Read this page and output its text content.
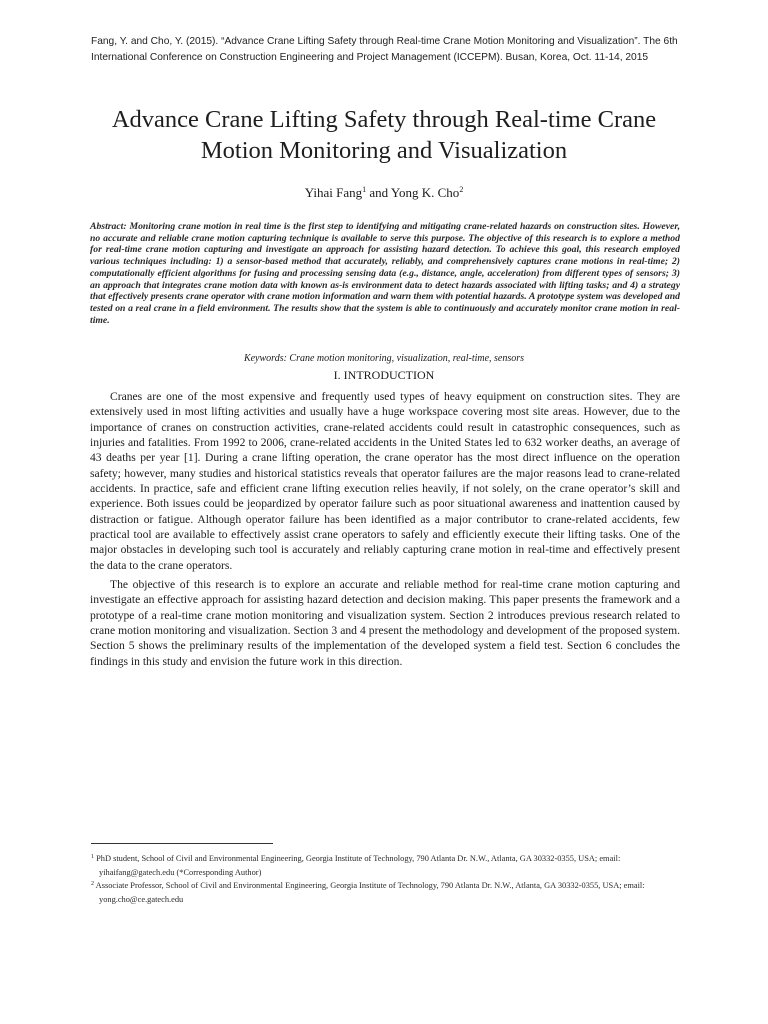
Fang, Y. and Cho, Y. (2015). “Advance Crane Lifting Safety through Real-time Crane Motion Monitoring and Visualization”. The 6th International Conference on Construction Engineering and Project Management (ICCEPM). Busan, Korea, Oct. 11-14, 2015
Advance Crane Lifting Safety through Real-time Crane
Motion Monitoring and Visualization
Yihai Fang$^1$ and Yong K. Cho$^2$
Abstract: Monitoring crane motion in real time is the first step to identifying and mitigating crane-related hazards on construction sites. However, no accurate and reliable crane motion capturing technique is available to serve this purpose. The objective of this research is to explore a method for real-time crane motion capturing and investigate an approach for assisting hazard detection. To achieve this goal, this research employed various techniques including: 1) a sensor-based method that accurately, reliably, and comprehensively captures crane motions in real-time; 2) computationally efficient algorithms for fusing and processing sensing data (e.g., distance, angle, acceleration) from different types of sensors; 3) an approach that integrates crane motion data with known as-is environment data to detect hazards associated with lifting tasks; and 4) a strategy that effectively presents crane operator with crane motion information and warn them with potential hazards. A prototype system was developed and tested on a real crane in a field environment. The results show that the system is able to continuously and accurately monitor crane motion in real-time.
Keywords: Crane motion monitoring, visualization, real-time, sensors
I. INTRODUCTION
Cranes are one of the most expensive and frequently used types of heavy equipment on construction sites. They are extensively used in most lifting activities and usually have a huge workspace covering most site areas. However, due to the importance of cranes on construction activities, crane-related accidents could result in catastrophic consequences, such as injuries and fatalities. From 1992 to 2006, crane-related accidents in the United States led to 632 worker deaths, an average of 43 deaths per year [1]. During a crane lifting operation, the crane operator has the most direct influence on the operation safety; however, many studies and historical statistics reveals that operator failures are the major reasons lead to crane-related accidents. In practice, safe and efficient crane lifting execution relies heavily, if not solely, on the crane operator’s skill and experience. Both issues could be jeopardized by operator failure such as poor situational awareness and inattention caused by distraction or fatigue. Although operator failure has been identified as a major contributor to crane-related accidents, few practical tool are available to effectively assist crane operators to safely and efficiently execute their lifting tasks. One of the major obstacles in developing such tool is accurately and reliably capturing crane motion in real-time and effectively present the data to the crane operators.
The objective of this research is to explore an accurate and reliable method for real-time crane motion capturing and investigate an effective approach for assisting hazard detection and decision making. This paper presents the framework and a prototype of a real-time crane motion monitoring and visualization system. Section 2 introduces previous research related to crane motion monitoring and visualization. Section 3 and 4 present the methodology and development of the proposed system. Section 5 shows the preliminary results of the implementation of the developed system a field test. Section 6 concludes the findings in this study and envision the future work in this direction.
$^1$ PhD student, School of Civil and Environmental Engineering, Georgia Institute of Technology, 790 Atlanta Dr. N.W., Atlanta, GA 30332-0355, USA; email: yihaifang@gatech.edu (*Corresponding Author)
$^2$ Associate Professor, School of Civil and Environmental Engineering, Georgia Institute of Technology, 790 Atlanta Dr. N.W., Atlanta, GA 30332-0355, USA; email: yong.cho@ce.gatech.edu
